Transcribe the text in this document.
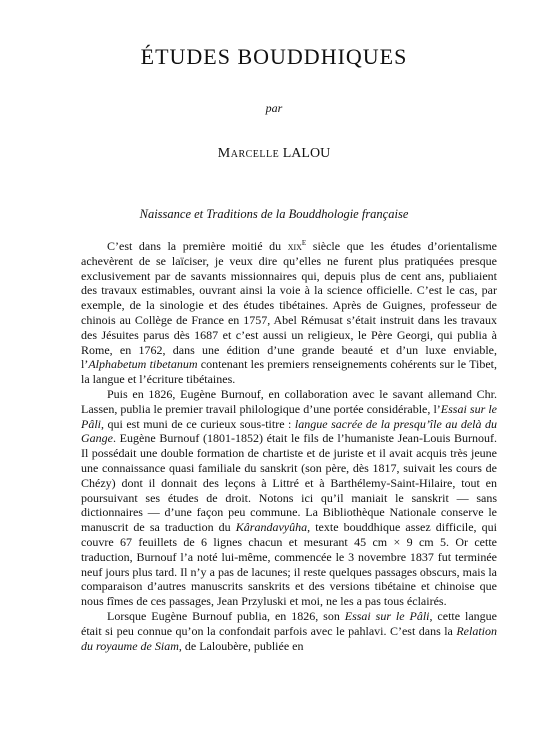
ÉTUDES BOUDDHIQUES
par
Marcelle LALOU
Naissance et Traditions de la Bouddhologie française

C’est dans la première moitié du xix$^e$ siècle que les études d’orientalisme achevèrent de se laïciser, je veux dire qu’elles ne furent plus pratiquées presque exclusivement par de savants missionnaires qui, depuis plus de cent ans, publiaient des travaux estimables, ouvrant ainsi la voie à la science officielle. C’est le cas, par exemple, de la sinologie et des études tibétaines. Après de Guignes, professeur de chinois au Collège de France en 1757, Abel Rémusat s’était instruit dans les travaux des Jésuites parus dès 1687 et c’est aussi un religieux, le Père Georgi, qui publia à Rome, en 1762, dans une édition d’une grande beauté et d’un luxe enviable, l’Alphabetum tibetanum contenant les premiers renseignements cohérents sur le Tibet, la langue et l’écriture tibétaines.

Puis en 1826, Eugène Burnouf, en collaboration avec le savant allemand Chr. Lassen, publia le premier travail philologique d’une portée considérable, l’Essai sur le Pâli, qui est muni de ce curieux sous-titre : langue sacrée de la presqu’île au delà du Gange. Eugène Burnouf (1801-1852) était le fils de l’humaniste Jean-Louis Burnouf. Il possédait une double formation de chartiste et de juriste et il avait acquis très jeune une connaissance quasi familiale du sanskrit (son père, dès 1817, suivait les cours de Chézy) dont il donnait des leçons à Littré et à Barthélemy-Saint-Hilaire, tout en poursuivant ses études de droit. Notons ici qu’il maniait le sanskrit — sans dictionnaires — d’une façon peu commune. La Bibliothèque Nationale conserve le manuscrit de sa traduction du Kârandavyûha, texte bouddhique assez difficile, qui couvre 67 feuillets de 6 lignes chacun et mesurant 45 cm × 9 cm 5. Or cette traduction, Burnouf l’a noté lui-même, commencée le 3 novembre 1837 fut terminée neuf jours plus tard. Il n’y a pas de lacunes; il reste quelques passages obscurs, mais la comparaison d’autres manuscrits sanskrits et des versions tibétaine et chinoise que nous fîmes de ces passages, Jean Przyluski et moi, ne les a pas tous éclairés.

Lorsque Eugène Burnouf publia, en 1826, son Essai sur le Pâli, cette langue était si peu connue qu’on la confondait parfois avec le pahlavi. C’est dans la Relation du royaume de Siam, de Laloubère, publiée en
